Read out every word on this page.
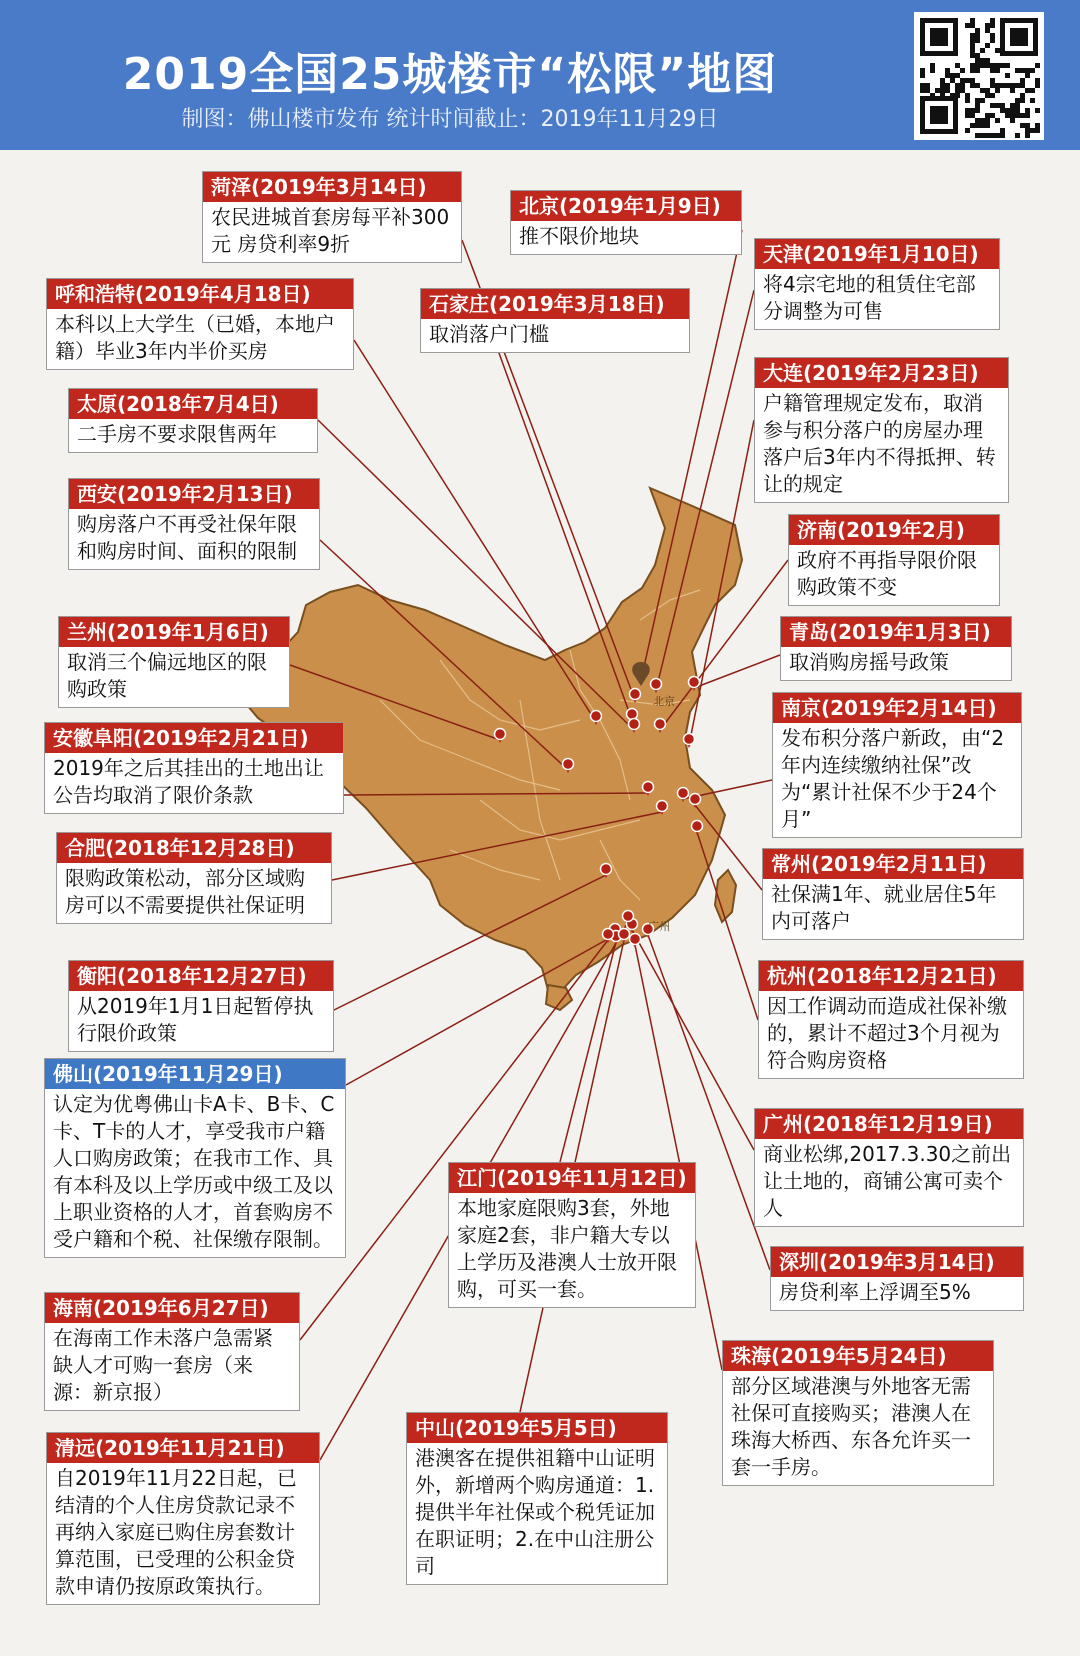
2019全国25城楼市“松限”地图
制图：佛山楼市发布 统计时间截止：2019年11月29日
北京
广州
菏泽(2019年3月14日)
农民进城首套房每平补300元 房贷利率9折
北京(2019年1月9日)
推不限价地块
天津(2019年1月10日)
将4宗宅地的租赁住宅部分调整为可售
呼和浩特(2019年4月18日)
本科以上大学生（已婚，本地户籍）毕业3年内半价买房
石家庄(2019年3月18日)
取消落户门槛
大连(2019年2月23日)
户籍管理规定发布，取消参与积分落户的房屋办理落户后3年内不得抵押、转让的规定
太原(2018年7月4日)
二手房不要求限售两年
西安(2019年2月13日)
购房落户不再受社保年限和购房时间、面积的限制
济南(2019年2月)
政府不再指导限价限购政策不变
兰州(2019年1月6日)
取消三个偏远地区的限购政策
青岛(2019年1月3日)
取消购房摇号政策
安徽阜阳(2019年2月21日)
2019年之后其挂出的土地出让公告均取消了限价条款
南京(2019年2月14日)
发布积分落户新政，由“2年内连续缴纳社保”改为“累计社保不少于24个月”
合肥(2018年12月28日)
限购政策松动，部分区域购房可以不需要提供社保证明
常州(2019年2月11日)
社保满1年、就业居住5年内可落户
衡阳(2018年12月27日)
从2019年1月1日起暂停执行限价政策
杭州(2018年12月21日)
因工作调动而造成社保补缴的，累计不超过3个月视为符合购房资格
佛山(2019年11月29日)
认定为优粤佛山卡A卡、B卡、C卡、T卡的人才，享受我市户籍人口购房政策；在我市工作、具有本科及以上学历或中级工及以上职业资格的人才，首套购房不受户籍和个税、社保缴存限制。
广州(2018年12月19日)
商业松绑,2017.3.30之前出让土地的，商铺公寓可卖个人
江门(2019年11月12日)
本地家庭限购3套，外地家庭2套，非户籍大专以上学历及港澳人士放开限购，可买一套。
深圳(2019年3月14日)
房贷利率上浮调至5%
海南(2019年6月27日)
在海南工作未落户急需紧缺人才可购一套房（来源：新京报）
珠海(2019年5月24日)
部分区域港澳与外地客无需社保可直接购买；港澳人在珠海大桥西、东各允许买一套一手房。
中山(2019年5月5日)
港澳客在提供祖籍中山证明外，新增两个购房通道：1.提供半年社保或个税凭证加在职证明；2.在中山注册公司
清远(2019年11月21日)
自2019年11月22日起，已结清的个人住房贷款记录不再纳入家庭已购住房套数计算范围，已受理的公积金贷款申请仍按原政策执行。
